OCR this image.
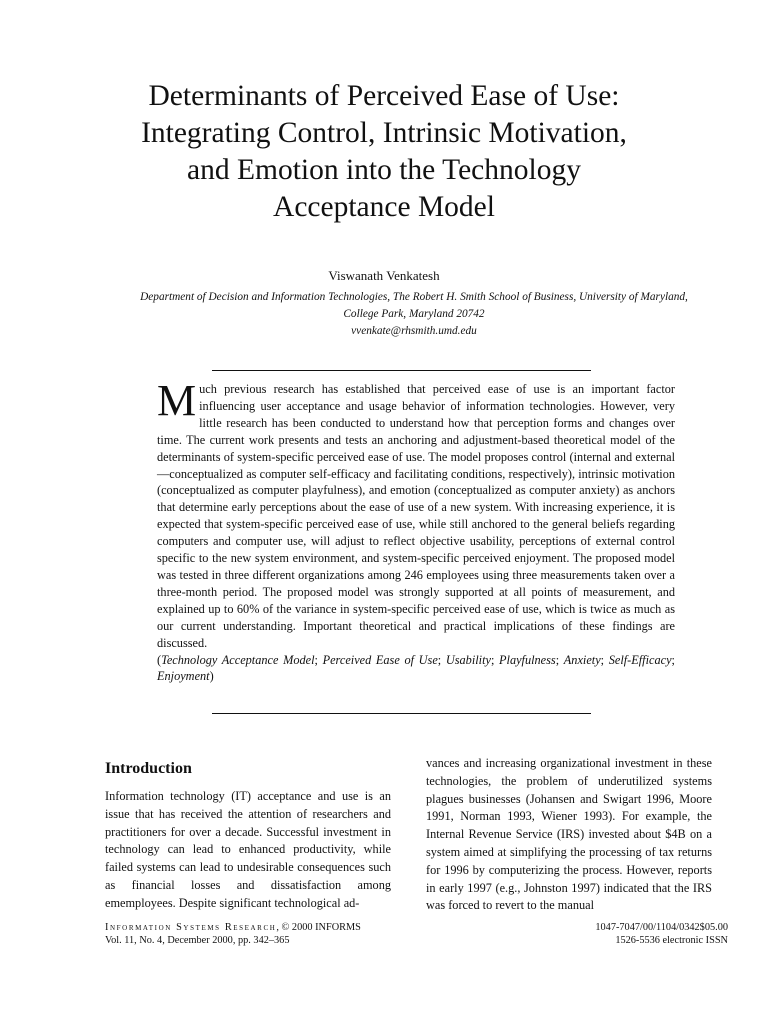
Determinants of Perceived Ease of Use:
Integrating Control, Intrinsic Motivation,
and Emotion into the Technology
Acceptance Model
Viswanath Venkatesh
Department of Decision and Information Technologies, The Robert H. Smith School of Business, University of Maryland,
College Park, Maryland 20742
vvenkate@rhsmith.umd.edu

Much previous research has established that perceived ease of use is an important factor influencing user acceptance and usage behavior of information technologies. However, very little research has been conducted to understand how that perception forms and changes over time. The current work presents and tests an anchoring and adjustment-based theoretical model of the determinants of system-specific perceived ease of use. The model proposes control (internal and external—conceptualized as computer self-efficacy and facilitating conditions, respectively), intrinsic motivation (conceptualized as computer playfulness), and emotion (conceptualized as computer anxiety) as anchors that determine early perceptions about the ease of use of a new system. With increasing experience, it is expected that system-specific perceived ease of use, while still anchored to the general beliefs regarding computers and computer use, will adjust to reflect objective usability, perceptions of external control specific to the new system environment, and system-specific perceived enjoyment. The proposed model was tested in three different organizations among 246 employees using three measurements taken over a three-month period. The proposed model was strongly supported at all points of measurement, and explained up to 60% of the variance in system-specific perceived ease of use, which is twice as much as our current understanding. Important theoretical and practical implications of these findings are discussed.

(Technology Acceptance Model; Perceived Ease of Use; Usability; Playfulness; Anxiety; Self-Efficacy; Enjoyment)

Introduction

Information technology (IT) acceptance and use is an issue that has received the attention of researchers and practitioners for over a decade. Successful investment in technology can lead to enhanced productivity, while failed systems can lead to undesirable consequences such as financial losses and dissatisfaction among ememployees. Despite significant technological ad-

vances and increasing organizational investment in these technologies, the problem of underutilized systems plagues businesses (Johansen and Swigart 1996, Moore 1991, Norman 1993, Wiener 1993). For example, the Internal Revenue Service (IRS) invested about $4B on a system aimed at simplifying the processing of tax returns for 1996 by computerizing the process. However, reports in early 1997 (e.g., Johnston 1997) indicated that the IRS was forced to revert to the manual

Information Systems Research, © 2000 INFORMS
Vol. 11, No. 4, December 2000, pp. 342–365
1047-7047/00/1104/0342$05.00
1526-5536 electronic ISSN
